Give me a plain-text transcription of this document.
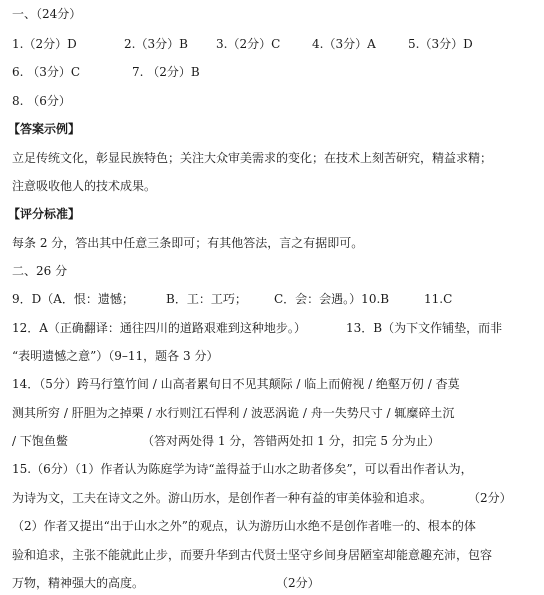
一、（24分）
1.（2分）D	2.（3分）B 3.（2分）C	4.（3分）A	5.（3分）D
6. （3分）C	7. （2分）B
8. （6分）
【答案示例】
立足传统文化，彰显民族特色；关注大众审美需求的变化；在技术上刻苦研究，精益求精；
注意吸收他人的技术成果。
【评分标准】
每条 2 分，答出其中任意三条即可；有其他答法，言之有据即可。
二、26 分
9．D（A．恨：遗憾；	B．工：工巧； C．会：会遇。）10.B	11.C
12．A（正确翻译：通往四川的道路艰难到这种地步。）	13．B（为下文作铺垫，而非
“表明遗憾之意”）（9–11，题各 3 分）
14．（5分）跨马行篁竹间 / 山高者累旬日不见其颠际 / 临上而俯视 / 绝壑万仞 / 杳莫
测其所穷 / 肝胆为之掉栗 / 水行则江石悍利 / 波恶涡诡 / 舟一失势尺寸 / 辄糜碎土沉
/ 下饱鱼鳖	（答对两处得 1 分，答错两处扣 1 分，扣完 5 分为止）
15.（6分）（1）作者认为陈庭学为诗“盖得益于山水之助者侈矣”，可以看出作者认为，
为诗为文，工夫在诗文之外。游山历水，是创作者一种有益的审美体验和追求。	（2分）
（2）作者又提出“出于山水之外”的观点，认为游历山水绝不是创作者唯一的、根本的体
验和追求，主张不能就此止步，而要升华到古代贤士坚守乡间身居陋室却能意趣充沛，包容
万物，精神强大的高度。	（2分）
